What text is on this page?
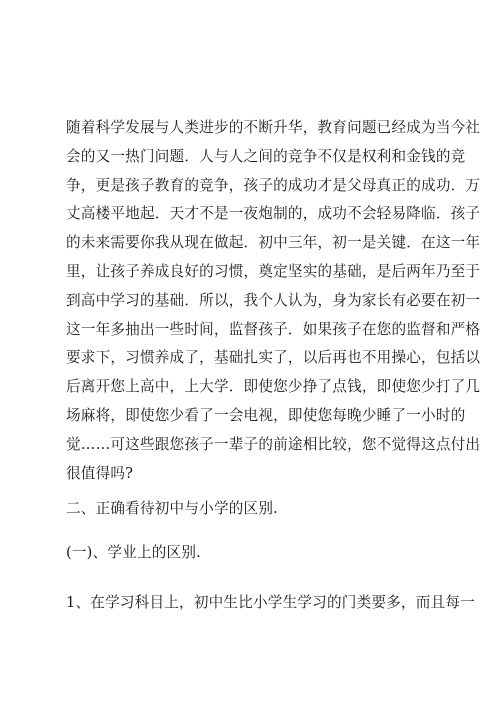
随着科学发展与人类进步的不断升华，教育问题已经成为当今社
会的又一热门问题．人与人之间的竞争不仅是权利和金钱的竞
争，更是孩子教育的竞争，孩子的成功才是父母真正的成功．万
丈高楼平地起．天才不是一夜炮制的，成功不会轻易降临．孩子
的未来需要你我从现在做起．初中三年，初一是关键．在这一年
里，让孩子养成良好的习惯，奠定坚实的基础，是后两年乃至于
到高中学习的基础．所以，我个人认为，身为家长有必要在初一
这一年多抽出一些时间，监督孩子．如果孩子在您的监督和严格
要求下，习惯养成了，基础扎实了，以后再也不用操心，包括以
后离开您上高中，上大学．即使您少挣了点钱，即使您少打了几
场麻将，即使您少看了一会电视，即使您每晚少睡了一小时的
觉……可这些跟您孩子一辈子的前途相比较，您不觉得这点付出
很值得吗?
二、正确看待初中与小学的区别.
(一)、学业上的区别.
1、在学习科目上，初中生比小学生学习的门类要多，而且每一
